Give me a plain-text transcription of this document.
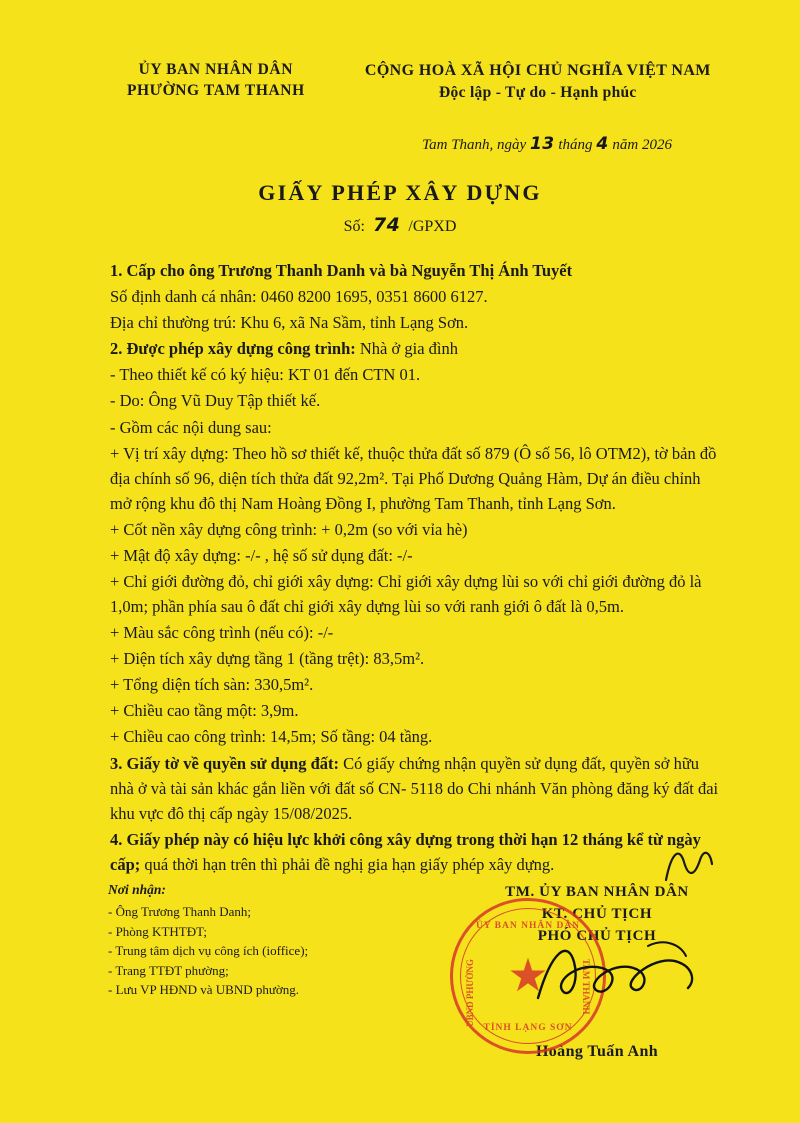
ỦY BAN NHÂN DÂN
PHƯỜNG TAM THANH
CỘNG HOÀ XÃ HỘI CHỦ NGHĨA VIỆT NAM
Độc lập - Tự do - Hạnh phúc
Tam Thanh, ngày 13 tháng 4 năm 2026
GIẤY PHÉP XÂY DỰNG
Số: 74 /GPXD

1. Cấp cho ông Trương Thanh Danh và bà Nguyễn Thị Ánh Tuyết

Số định danh cá nhân: 0460 8200 1695, 0351 8600 6127.

Địa chỉ thường trú: Khu 6, xã Na Sầm, tỉnh Lạng Sơn.

2. Được phép xây dựng công trình: Nhà ở gia đình

- Theo thiết kế có ký hiệu: KT 01 đến CTN 01.

- Do: Ông Vũ Duy Tập thiết kế.

- Gồm các nội dung sau:

+ Vị trí xây dựng: Theo hồ sơ thiết kế, thuộc thửa đất số 879 (Ô số 56, lô OTM2), tờ bản đồ địa chính số 96, diện tích thửa đất 92,2m². Tại Phố Dương Quảng Hàm, Dự án điều chỉnh mở rộng khu đô thị Nam Hoàng Đồng I, phường Tam Thanh, tỉnh Lạng Sơn.

+ Cốt nền xây dựng công trình: + 0,2m (so với vỉa hè)

+ Mật độ xây dựng: -/- , hệ số sử dụng đất: -/-

+ Chỉ giới đường đỏ, chỉ giới xây dựng: Chỉ giới xây dựng lùi so với chỉ giới đường đỏ là 1,0m; phần phía sau ô đất chỉ giới xây dựng lùi so với ranh giới ô đất là 0,5m.

+ Màu sắc công trình (nếu có): -/-

+ Diện tích xây dựng tầng 1 (tầng trệt): 83,5m².

+ Tổng diện tích sàn: 330,5m².

+ Chiều cao tầng một: 3,9m.

+ Chiều cao công trình: 14,5m; Số tầng: 04 tầng.

3. Giấy tờ về quyền sử dụng đất: Có giấy chứng nhận quyền sử dụng đất, quyền sở hữu nhà ở và tài sản khác gắn liền với đất số CN- 5118 do Chi nhánh Văn phòng đăng ký đất đai khu vực đô thị cấp ngày 15/08/2025.

4. Giấy phép này có hiệu lực khởi công xây dựng trong thời hạn 12 tháng kể từ ngày cấp; quá thời hạn trên thì phải đề nghị gia hạn giấy phép xây dựng.

Nơi nhận:
- Ông Trương Thanh Danh;
- Phòng KTHTĐT;
- Trung tâm dịch vụ công ích (ioffice);
- Trang TTĐT phường;
- Lưu VP HĐND và UBND phường.
TM. ỦY BAN NHÂN DÂN
KT. CHỦ TỊCH
PHÓ CHỦ TỊCH
ỦY BAN NHÂN DÂN
UBND PHƯỜNG	TAM THANH
★
TỈNH LẠNG SƠN
Hoàng Tuấn Anh
